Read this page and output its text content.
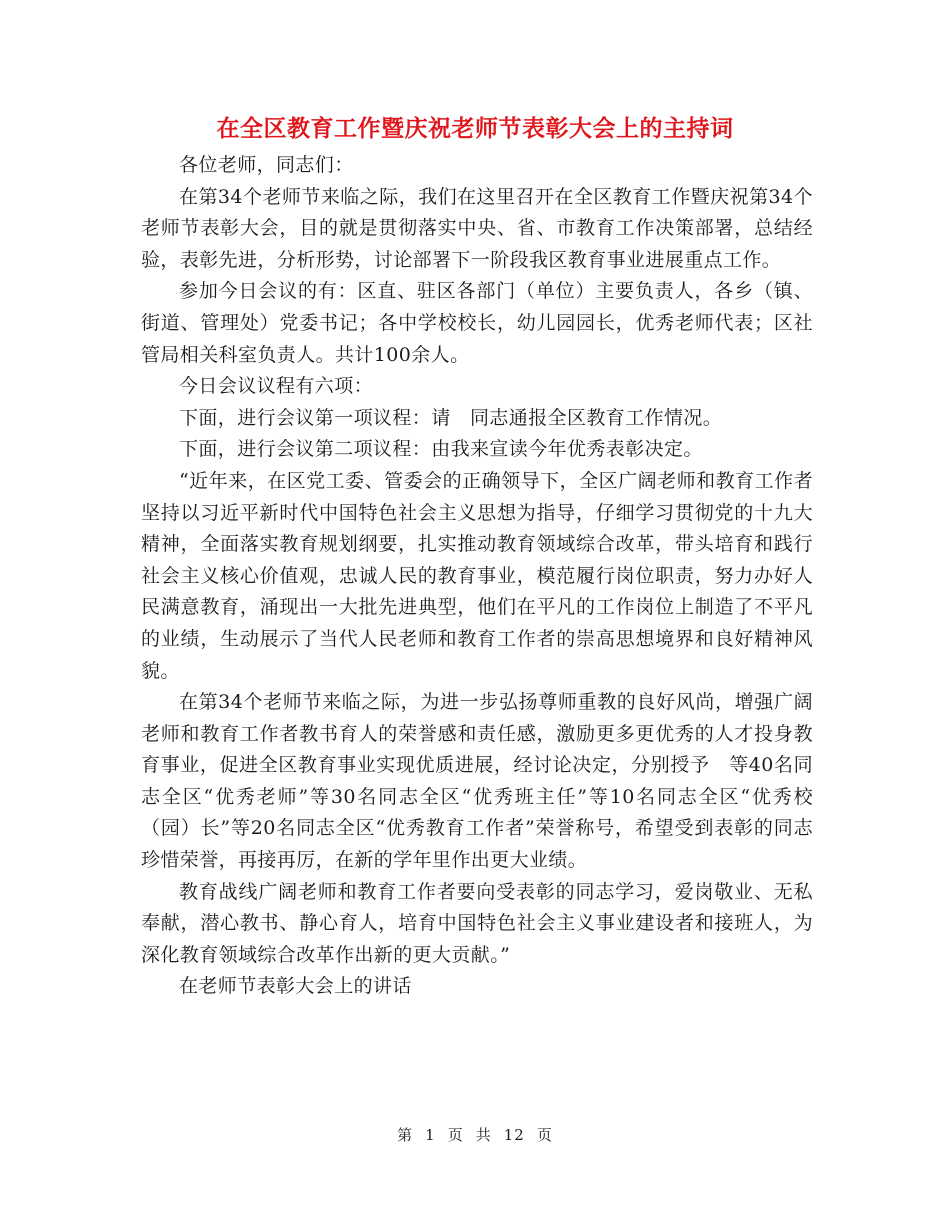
在全区教育工作暨庆祝老师节表彰大会上的主持词

各位老师，同志们：

在第34个老师节来临之际，我们在这里召开在全区教育工作暨庆祝第34个老师节表彰大会，目的就是贯彻落实中央、省、市教育工作决策部署，总结经验，表彰先进，分析形势，讨论部署下一阶段我区教育事业进展重点工作。

参加今日会议的有：区直、驻区各部门（单位）主要负责人，各乡（镇、街道、管理处）党委书记；各中学校校长，幼儿园园长，优秀老师代表；区社管局相关科室负责人。共计100余人。

今日会议议程有六项：

下面，进行会议第一项议程：请　同志通报全区教育工作情况。

下面，进行会议第二项议程：由我来宣读今年优秀表彰决定。

“近年来，在区党工委、管委会的正确领导下，全区广阔老师和教育工作者坚持以习近平新时代中国特色社会主义思想为指导，仔细学习贯彻党的十九大精神，全面落实教育规划纲要，扎实推动教育领域综合改革，带头培育和践行社会主义核心价值观，忠诚人民的教育事业，模范履行岗位职责，努力办好人民满意教育，涌现出一大批先进典型，他们在平凡的工作岗位上制造了不平凡的业绩，生动展示了当代人民老师和教育工作者的崇高思想境界和良好精神风貌。

在第34个老师节来临之际，为进一步弘扬尊师重教的良好风尚，增强广阔老师和教育工作者教书育人的荣誉感和责任感，激励更多更优秀的人才投身教育事业，促进全区教育事业实现优质进展，经讨论决定，分别授予　等40名同志全区“优秀老师”等30名同志全区“优秀班主任”等10名同志全区“优秀校（园）长”等20名同志全区“优秀教育工作者”荣誉称号，希望受到表彰的同志珍惜荣誉，再接再厉，在新的学年里作出更大业绩。

教育战线广阔老师和教育工作者要向受表彰的同志学习，爱岗敬业、无私奉献，潜心教书、静心育人，培育中国特色社会主义事业建设者和接班人，为深化教育领域综合改革作出新的更大贡献。”

在老师节表彰大会上的讲话

第 1 页 共 12 页
